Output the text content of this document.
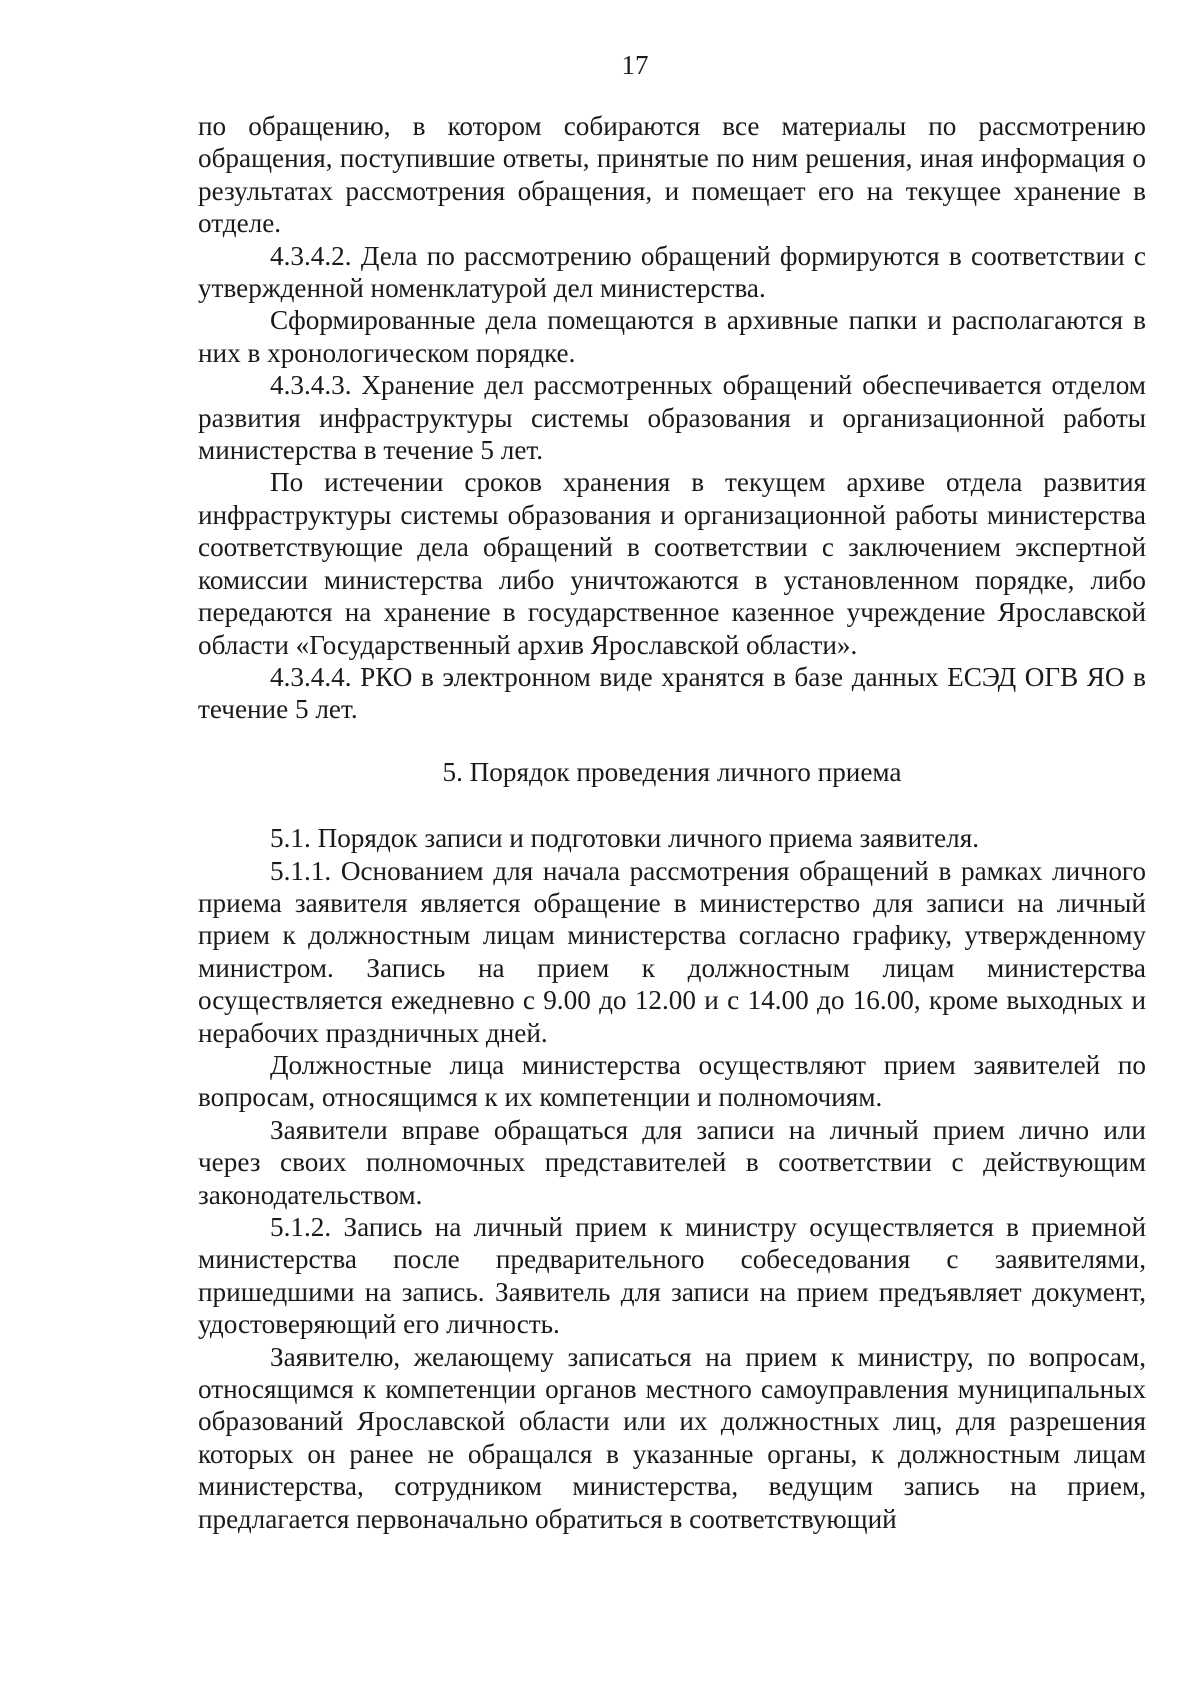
17

по обращению, в котором собираются все материалы по рассмотрению обращения, поступившие ответы, принятые по ним решения, иная информация о результатах рассмотрения обращения, и помещает его на текущее хранение в отделе.

4.3.4.2. Дела по рассмотрению обращений формируются в соответствии с утвержденной номенклатурой дел министерства.

Сформированные дела помещаются в архивные папки и располагаются в них в хронологическом порядке.

4.3.4.3. Хранение дел рассмотренных обращений обеспечивается отделом развития инфраструктуры системы образования и организационной работы министерства в течение 5 лет.

По истечении сроков хранения в текущем архиве отдела развития инфраструктуры системы образования и организационной работы министерства соответствующие дела обращений в соответствии с заключением экспертной комиссии министерства либо уничтожаются в установленном порядке, либо передаются на хранение в государственное казенное учреждение Ярославской области «Государственный архив Ярославской области».

4.3.4.4. РКО в электронном виде хранятся в базе данных ЕСЭД ОГВ ЯО в течение 5 лет.

5. Порядок проведения личного приема

5.1. Порядок записи и подготовки личного приема заявителя.

5.1.1. Основанием для начала рассмотрения обращений в рамках личного приема заявителя является обращение в министерство для записи на личный прием к должностным лицам министерства согласно графику, утвержденному министром. Запись на прием к должностным лицам министерства осуществляется ежедневно с 9.00 до 12.00 и с 14.00 до 16.00, кроме выходных и нерабочих праздничных дней.

Должностные лица министерства осуществляют прием заявителей по вопросам, относящимся к их компетенции и полномочиям.

Заявители вправе обращаться для записи на личный прием лично или через своих полномочных представителей в соответствии с действующим законодательством.

5.1.2. Запись на личный прием к министру осуществляется в приемной министерства после предварительного собеседования с заявителями, пришедшими на запись. Заявитель для записи на прием предъявляет документ, удостоверяющий его личность.

Заявителю, желающему записаться на прием к министру, по вопросам, относящимся к компетенции органов местного самоуправления муниципальных образований Ярославской области или их должностных лиц, для разрешения которых он ранее не обращался в указанные органы, к должностным лицам министерства, сотрудником министерства, ведущим запись на прием, предлагается первоначально обратиться в соответствующий
